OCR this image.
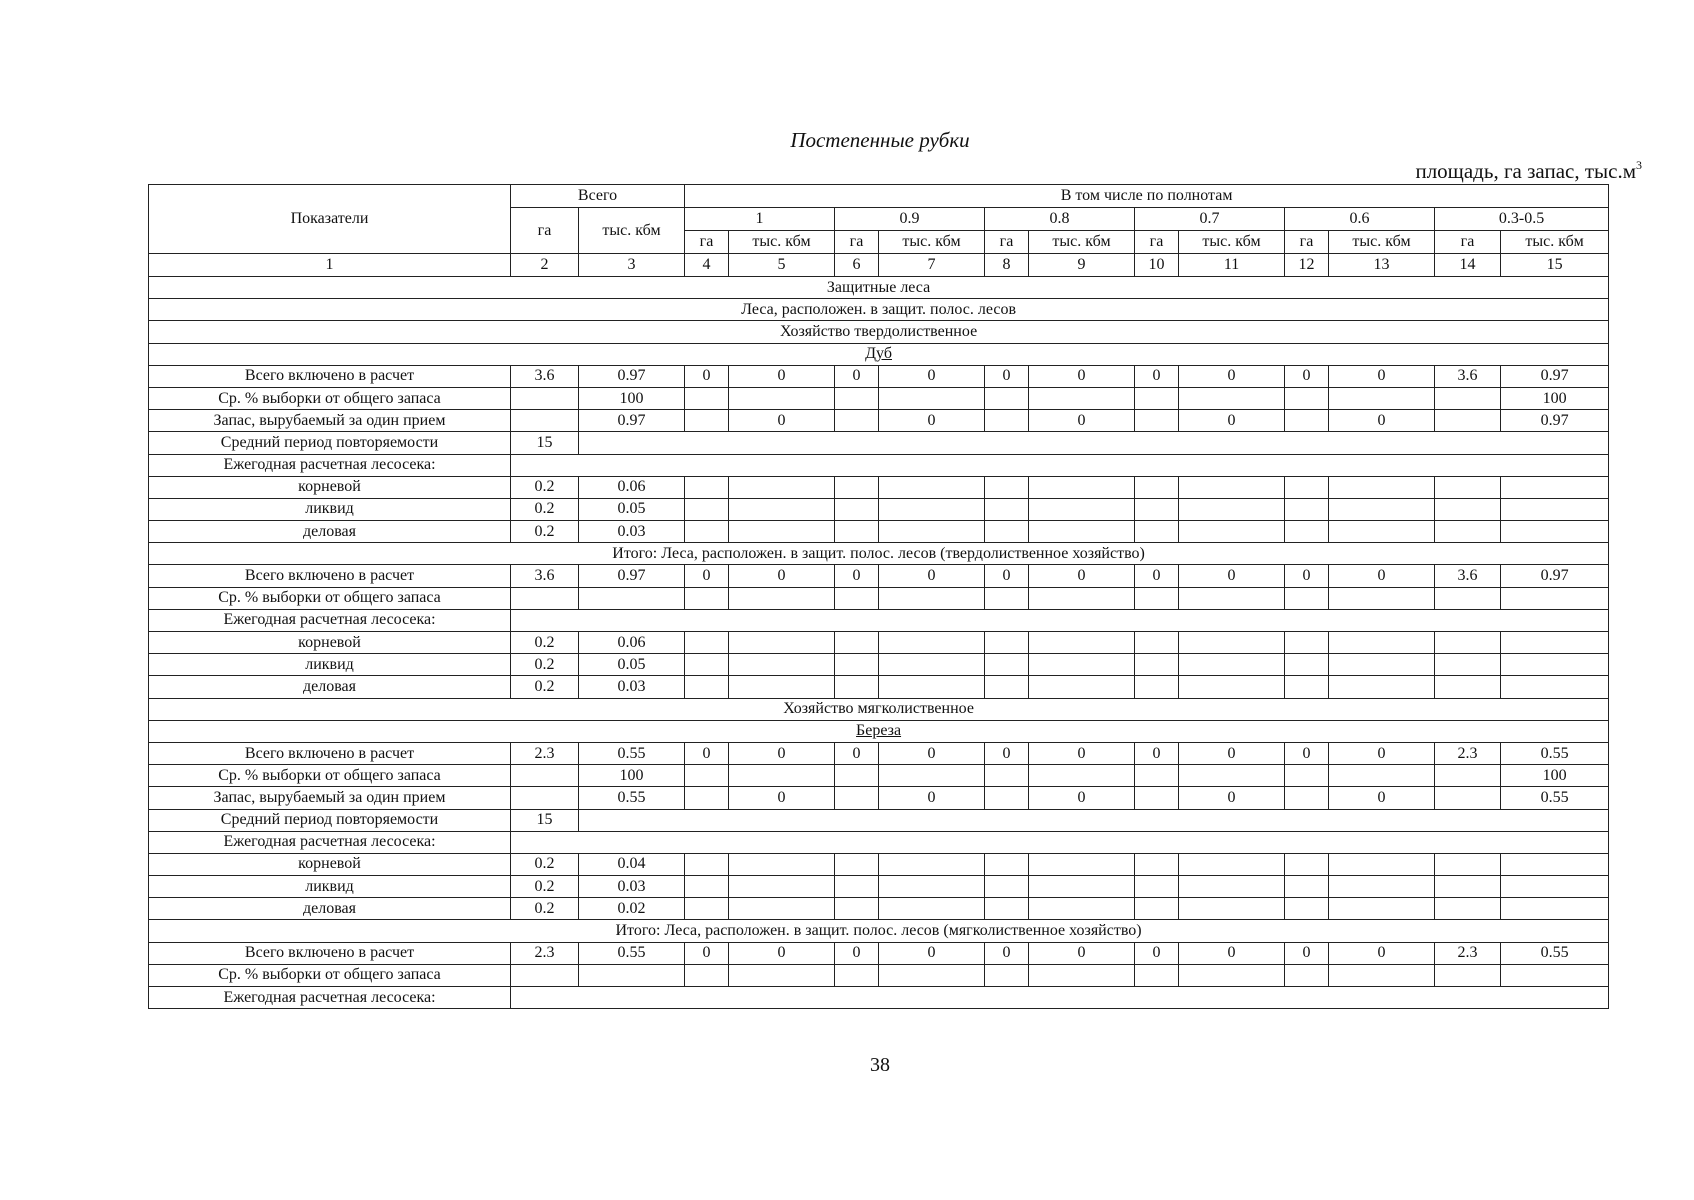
Постепенные рубки
площадь, га запас, $тыс.м^3$
Показатели	Всего		В том числе по полнотам											
	га	тыс. кбм	1		0.9		0.8		0.7		0.6		0.3-0.5	
			га	тыс. кбм	га	тыс. кбм	га	тыс. кбм	га	тыс. кбм	га	тыс. кбм	га	тыс. кбм
1	2	3	4	5	6	7	8	9	10	11	12	13	14	15
Защитные леса														
Леса, расположен. в защит. полос. лесов														
Хозяйство твердолиственное														
Дуб														
Всего включено в расчет	3.6	0.97	0	0	0	0	0	0	0	0	0	0	3.6	0.97
Ср. % выборки от общего запаса		100												100
Запас, вырубаемый за один прием		0.97		0		0		0		0		0		0.97
Средний период повторяемости	15													
Ежегодная расчетная лесосека:														
корневой	0.2	0.06												
ликвид	0.2	0.05												
деловая	0.2	0.03												
Итого: Леса, расположен. в защит. полос. лесов (твердолиственное хозяйство)														
Всего включено в расчет	3.6	0.97	0	0	0	0	0	0	0	0	0	0	3.6	0.97
Ср. % выборки от общего запаса														
Ежегодная расчетная лесосека:														
корневой	0.2	0.06												
ликвид	0.2	0.05												
деловая	0.2	0.03												
Хозяйство мягколиственное														
Береза														
Всего включено в расчет	2.3	0.55	0	0	0	0	0	0	0	0	0	0	2.3	0.55
Ср. % выборки от общего запаса		100												100
Запас, вырубаемый за один прием		0.55		0		0		0		0		0		0.55
Средний период повторяемости	15													
Ежегодная расчетная лесосека:														
корневой	0.2	0.04												
ликвид	0.2	0.03												
деловая	0.2	0.02												
Итого: Леса, расположен. в защит. полос. лесов (мягколиственное хозяйство)														
Всего включено в расчет	2.3	0.55	0	0	0	0	0	0	0	0	0	0	2.3	0.55
Ср. % выборки от общего запаса														
Ежегодная расчетная лесосека:														
38
